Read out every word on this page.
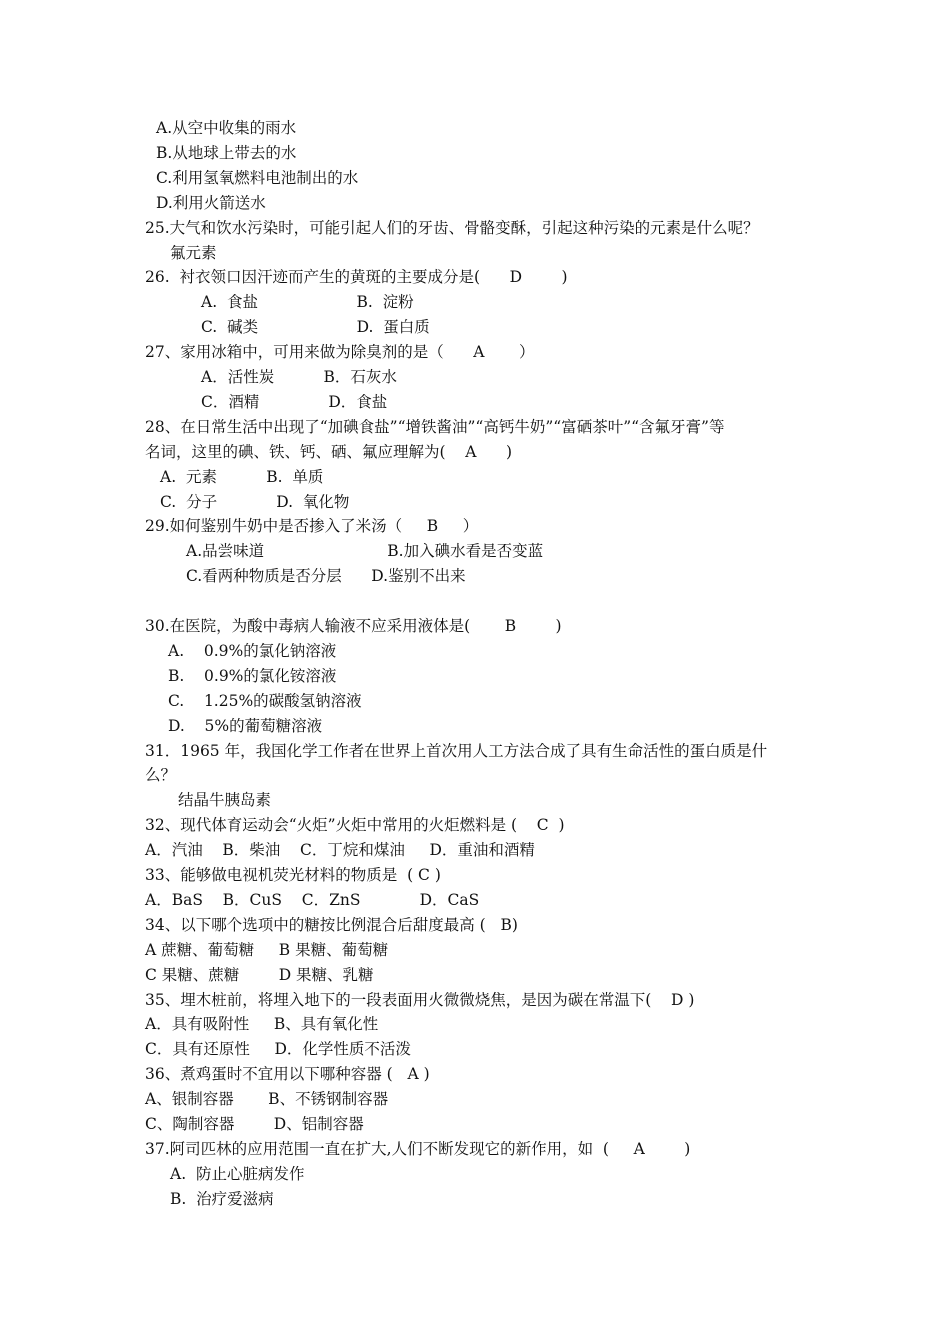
A.从空中收集的雨水
B.从地球上带去的水
C.利用氢氧燃料电池制出的水
D.利用火箭送水
25.大气和饮水污染时，可能引起人们的牙齿、骨骼变酥，引起这种污染的元素是什么呢？
氟元素
26.  衬衣领口因汗迹而产生的黄斑的主要成分是(      D        )
A.  食盐                    B.  淀粉
C.  碱类                    D.  蛋白质
27、家用冰箱中，可用来做为除臭剂的是（      A       ）
A．活性炭          B．石灰水
C．酒精              D．食盐
28、在日常生活中出现了“加碘食盐”“增铁酱油”“高钙牛奶”“富硒茶叶”“含氟牙膏”等
名词，这里的碘、铁、钙、硒、氟应理解为(    A      )
A.  元素          B.  单质
C.  分子            D.  氧化物
29.如何鉴别牛奶中是否掺入了米汤（     B     ）
A.品尝味道                         B.加入碘水看是否变蓝
C.看两种物质是否分层      D.鉴别不出来
30.在医院，为酸中毒病人输液不应采用液体是(       B        )
A.    0.9%的氯化钠溶液
B.    0.9%的氯化铵溶液
C.    1.25%的碳酸氢钠溶液
D.    5%的葡萄糖溶液
31．1965 年，我国化学工作者在世界上首次用人工方法合成了具有生命活性的蛋白质是什
么？
结晶牛胰岛素
32、现代体育运动会“火炬”火炬中常用的火炬燃料是 (    C  )
A．汽油    B．柴油    C．丁烷和煤油     D．重油和酒精
33、能够做电视机荧光材料的物质是  ( C )
A．BaS    B．CuS    C．ZnS            D．CaS
34、以下哪个选项中的糖按比例混合后甜度最高 (   B)
A 蔗糖、葡萄糖     B 果糖、葡萄糖
C 果糖、蔗糖        D 果糖、乳糖
35、埋木桩前，将埋入地下的一段表面用火微微烧焦，是因为碳在常温下(    D )
A．具有吸附性     B、具有氧化性
C．具有还原性     D．化学性质不活泼
36、煮鸡蛋时不宜用以下哪种容器 (   A )
A、银制容器       B、不锈钢制容器
C、陶制容器        D、铝制容器
37.阿司匹林的应用范围一直在扩大,人们不断发现它的新作用，如  (     A        )
A.  防止心脏病发作
B.  治疗爱滋病
